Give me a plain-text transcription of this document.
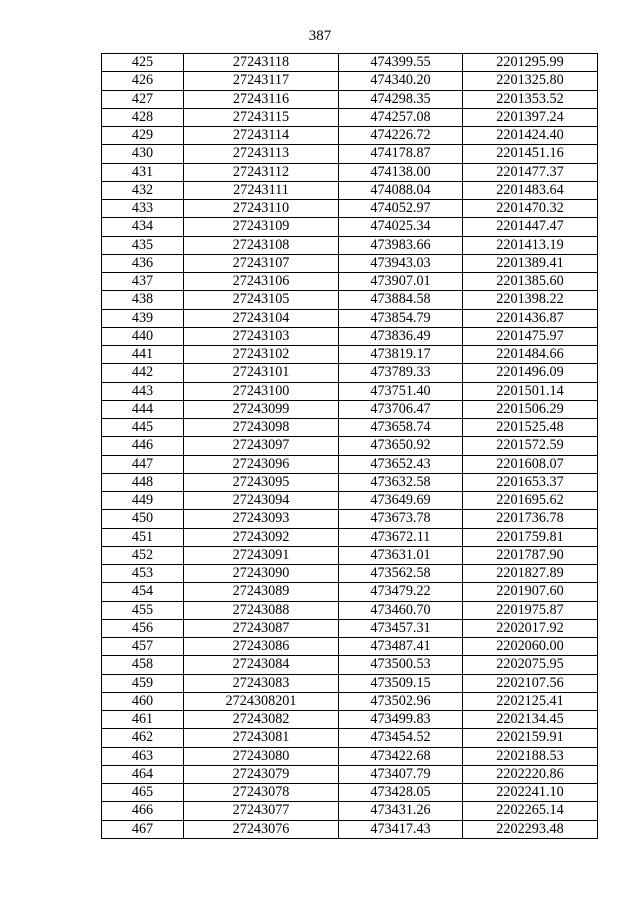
387
425	27243118	474399.55	2201295.99
426	27243117	474340.20	2201325.80
427	27243116	474298.35	2201353.52
428	27243115	474257.08	2201397.24
429	27243114	474226.72	2201424.40
430	27243113	474178.87	2201451.16
431	27243112	474138.00	2201477.37
432	27243111	474088.04	2201483.64
433	27243110	474052.97	2201470.32
434	27243109	474025.34	2201447.47
435	27243108	473983.66	2201413.19
436	27243107	473943.03	2201389.41
437	27243106	473907.01	2201385.60
438	27243105	473884.58	2201398.22
439	27243104	473854.79	2201436.87
440	27243103	473836.49	2201475.97
441	27243102	473819.17	2201484.66
442	27243101	473789.33	2201496.09
443	27243100	473751.40	2201501.14
444	27243099	473706.47	2201506.29
445	27243098	473658.74	2201525.48
446	27243097	473650.92	2201572.59
447	27243096	473652.43	2201608.07
448	27243095	473632.58	2201653.37
449	27243094	473649.69	2201695.62
450	27243093	473673.78	2201736.78
451	27243092	473672.11	2201759.81
452	27243091	473631.01	2201787.90
453	27243090	473562.58	2201827.89
454	27243089	473479.22	2201907.60
455	27243088	473460.70	2201975.87
456	27243087	473457.31	2202017.92
457	27243086	473487.41	2202060.00
458	27243084	473500.53	2202075.95
459	27243083	473509.15	2202107.56
460	2724308201	473502.96	2202125.41
461	27243082	473499.83	2202134.45
462	27243081	473454.52	2202159.91
463	27243080	473422.68	2202188.53
464	27243079	473407.79	2202220.86
465	27243078	473428.05	2202241.10
466	27243077	473431.26	2202265.14
467	27243076	473417.43	2202293.48
